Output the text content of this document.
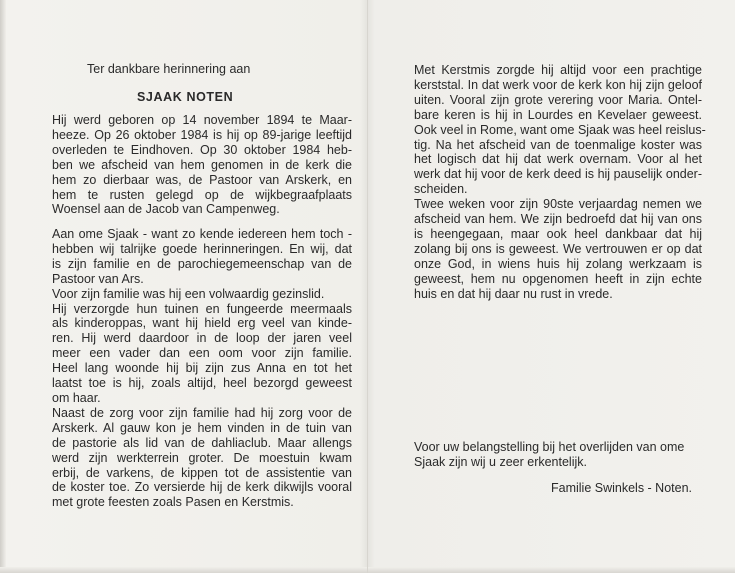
Ter dankbare herinnering aan
SJAAK NOTEN
Hij werd geboren op 14 november 1894 te Maar-
heeze. Op 26 oktober 1984 is hij op 89-jarige leeftijd
overleden te Eindhoven. Op 30 oktober 1984 heb-
ben we afscheid van hem genomen in de kerk die
hem zo dierbaar was, de Pastoor van Arskerk, en
hem te rusten gelegd op de wijkbegraafplaats
Woensel aan de Jacob van Campenweg.
Aan ome Sjaak - want zo kende iedereen hem toch -
hebben wij talrijke goede herinneringen. En wij, dat
is zijn familie en de parochiegemeenschap van de
Pastoor van Ars.
Voor zijn familie was hij een volwaardig gezinslid.
Hij verzorgde hun tuinen en fungeerde meermaals
als kinderoppas, want hij hield erg veel van kinde-
ren. Hij werd daardoor in de loop der jaren veel
meer een vader dan een oom voor zijn familie.
Heel lang woonde hij bij zijn zus Anna en tot het
laatst toe is hij, zoals altijd, heel bezorgd geweest
om haar.
Naast de zorg voor zijn familie had hij zorg voor de
Arskerk. Al gauw kon je hem vinden in de tuin van
de pastorie als lid van de dahliaclub. Maar allengs
werd zijn werkterrein groter. De moestuin kwam
erbij, de varkens, de kippen tot de assistentie van
de koster toe. Zo versierde hij de kerk dikwijls vooral
met grote feesten zoals Pasen en Kerstmis.
Met Kerstmis zorgde hij altijd voor een prachtige
kerststal. In dat werk voor de kerk kon hij zijn geloof
uiten. Vooral zijn grote verering voor Maria. Ontel-
bare keren is hij in Lourdes en Kevelaer geweest.
Ook veel in Rome, want ome Sjaak was heel reislus-
tig. Na het afscheid van de toenmalige koster was
het logisch dat hij dat werk overnam. Voor al het
werk dat hij voor de kerk deed is hij pauselijk onder-
scheiden.
Twee weken voor zijn 90ste verjaardag nemen we
afscheid van hem. We zijn bedroefd dat hij van ons
is heengegaan, maar ook heel dankbaar dat hij
zolang bij ons is geweest. We vertrouwen er op dat
onze God, in wiens huis hij zolang werkzaam is
geweest, hem nu opgenomen heeft in zijn echte
huis en dat hij daar nu rust in vrede.
Voor uw belangstelling bij het overlijden van ome
Sjaak zijn wij u zeer erkentelijk.
Familie Swinkels - Noten.
